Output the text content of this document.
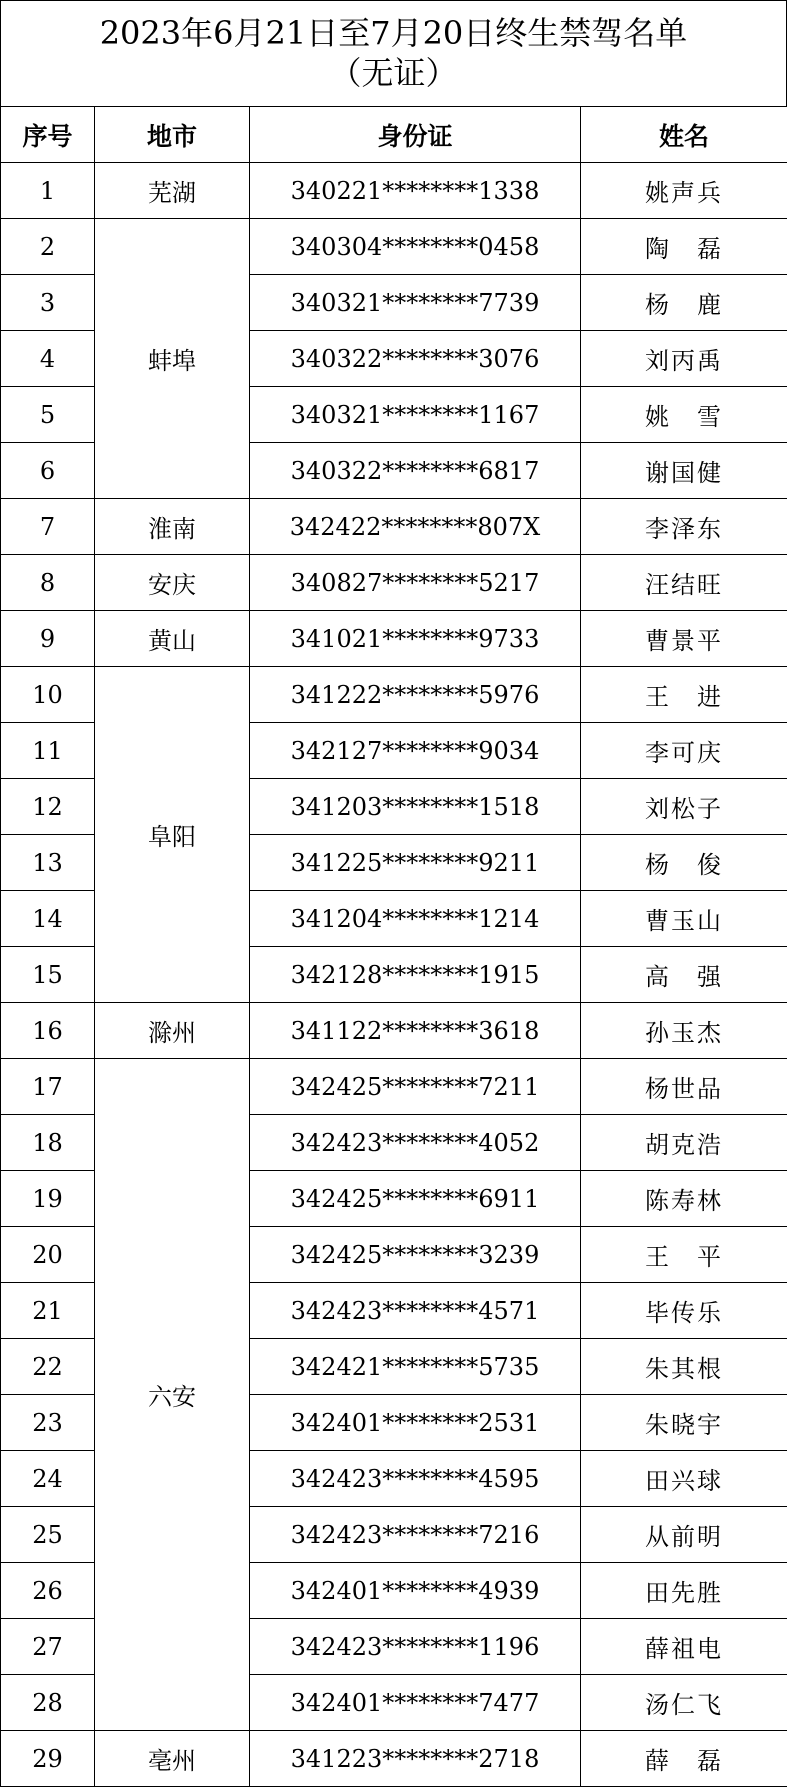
2023年6月21日至7月20日终生禁驾名单
（无证）
序号	地市	身份证	姓名
1	芜湖	340221********1338	姚声兵
2	蚌埠	340304********0458	陶　磊
3		340321********7739	杨　鹿
4		340322********3076	刘丙禹
5		340321********1167	姚　雪
6		340322********6817	谢国健
7	淮南	342422********807X	李泽东
8	安庆	340827********5217	汪结旺
9	黄山	341021********9733	曹景平
10	阜阳	341222********5976	王　进
11		342127********9034	李可庆
12		341203********1518	刘松子
13		341225********9211	杨　俊
14		341204********1214	曹玉山
15		342128********1915	高　强
16	滁州	341122********3618	孙玉杰
17	六安	342425********7211	杨世品
18		342423********4052	胡克浩
19		342425********6911	陈寿林
20		342425********3239	王　平
21		342423********4571	毕传乐
22		342421********5735	朱其根
23		342401********2531	朱晓宇
24		342423********4595	田兴球
25		342423********7216	从前明
26		342401********4939	田先胜
27		342423********1196	薛祖电
28		342401********7477	汤仁飞
29	亳州	341223********2718	薛　磊
